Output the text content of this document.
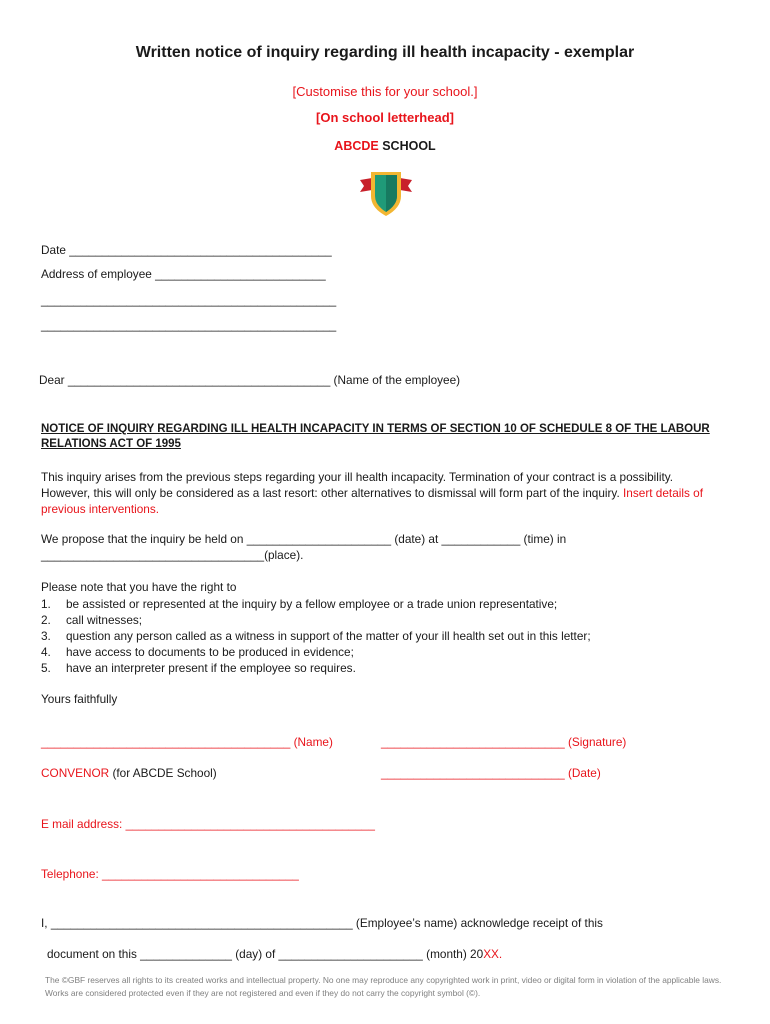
Written notice of inquiry regarding ill health incapacity - exemplar
[Customise this for your school.]
[On school letterhead]
ABCDE SCHOOL
Date ________________________________________
Address of employee __________________________
_____________________________________________
_____________________________________________
Dear ________________________________________ (Name of the employee)
NOTICE OF INQUIRY REGARDING ILL HEALTH INCAPACITY IN TERMS OF SECTION 10 OF SCHEDULE 8 OF THE LABOUR RELATIONS ACT OF 1995
This inquiry arises from the previous steps regarding your ill health incapacity. Termination of your contract is a possibility. However, this will only be considered as a last resort: other alternatives to dismissal will form part of the inquiry. Insert details of previous interventions.
We propose that the inquiry be held on ______________________ (date) at ____________ (time) in
__________________________________(place).
Please note that you have the right to
1. be assisted or represented at the inquiry by a fellow employee or a trade union representative;
2. call witnesses;
3. question any person called as a witness in support of the matter of your ill health set out in this letter;
4. have access to documents to be produced in evidence;
5. have an interpreter present if the employee so requires.
Yours faithfully
______________________________________ (Name)	____________________________ (Signature)
CONVENOR (for ABCDE School)	____________________________ (Date)
E mail address: ______________________________________
Telephone: ______________________________
I, ______________________________________________ (Employee’s name) acknowledge receipt of this
document on this ______________ (day) of ______________________ (month) 20XX.
The ©GBF reserves all rights to its created works and intellectual property. No one may reproduce any copyrighted work in print, video or digital form in violation of the applicable laws. Works are considered protected even if they are not registered and even if they do not carry the copyright symbol (©).
